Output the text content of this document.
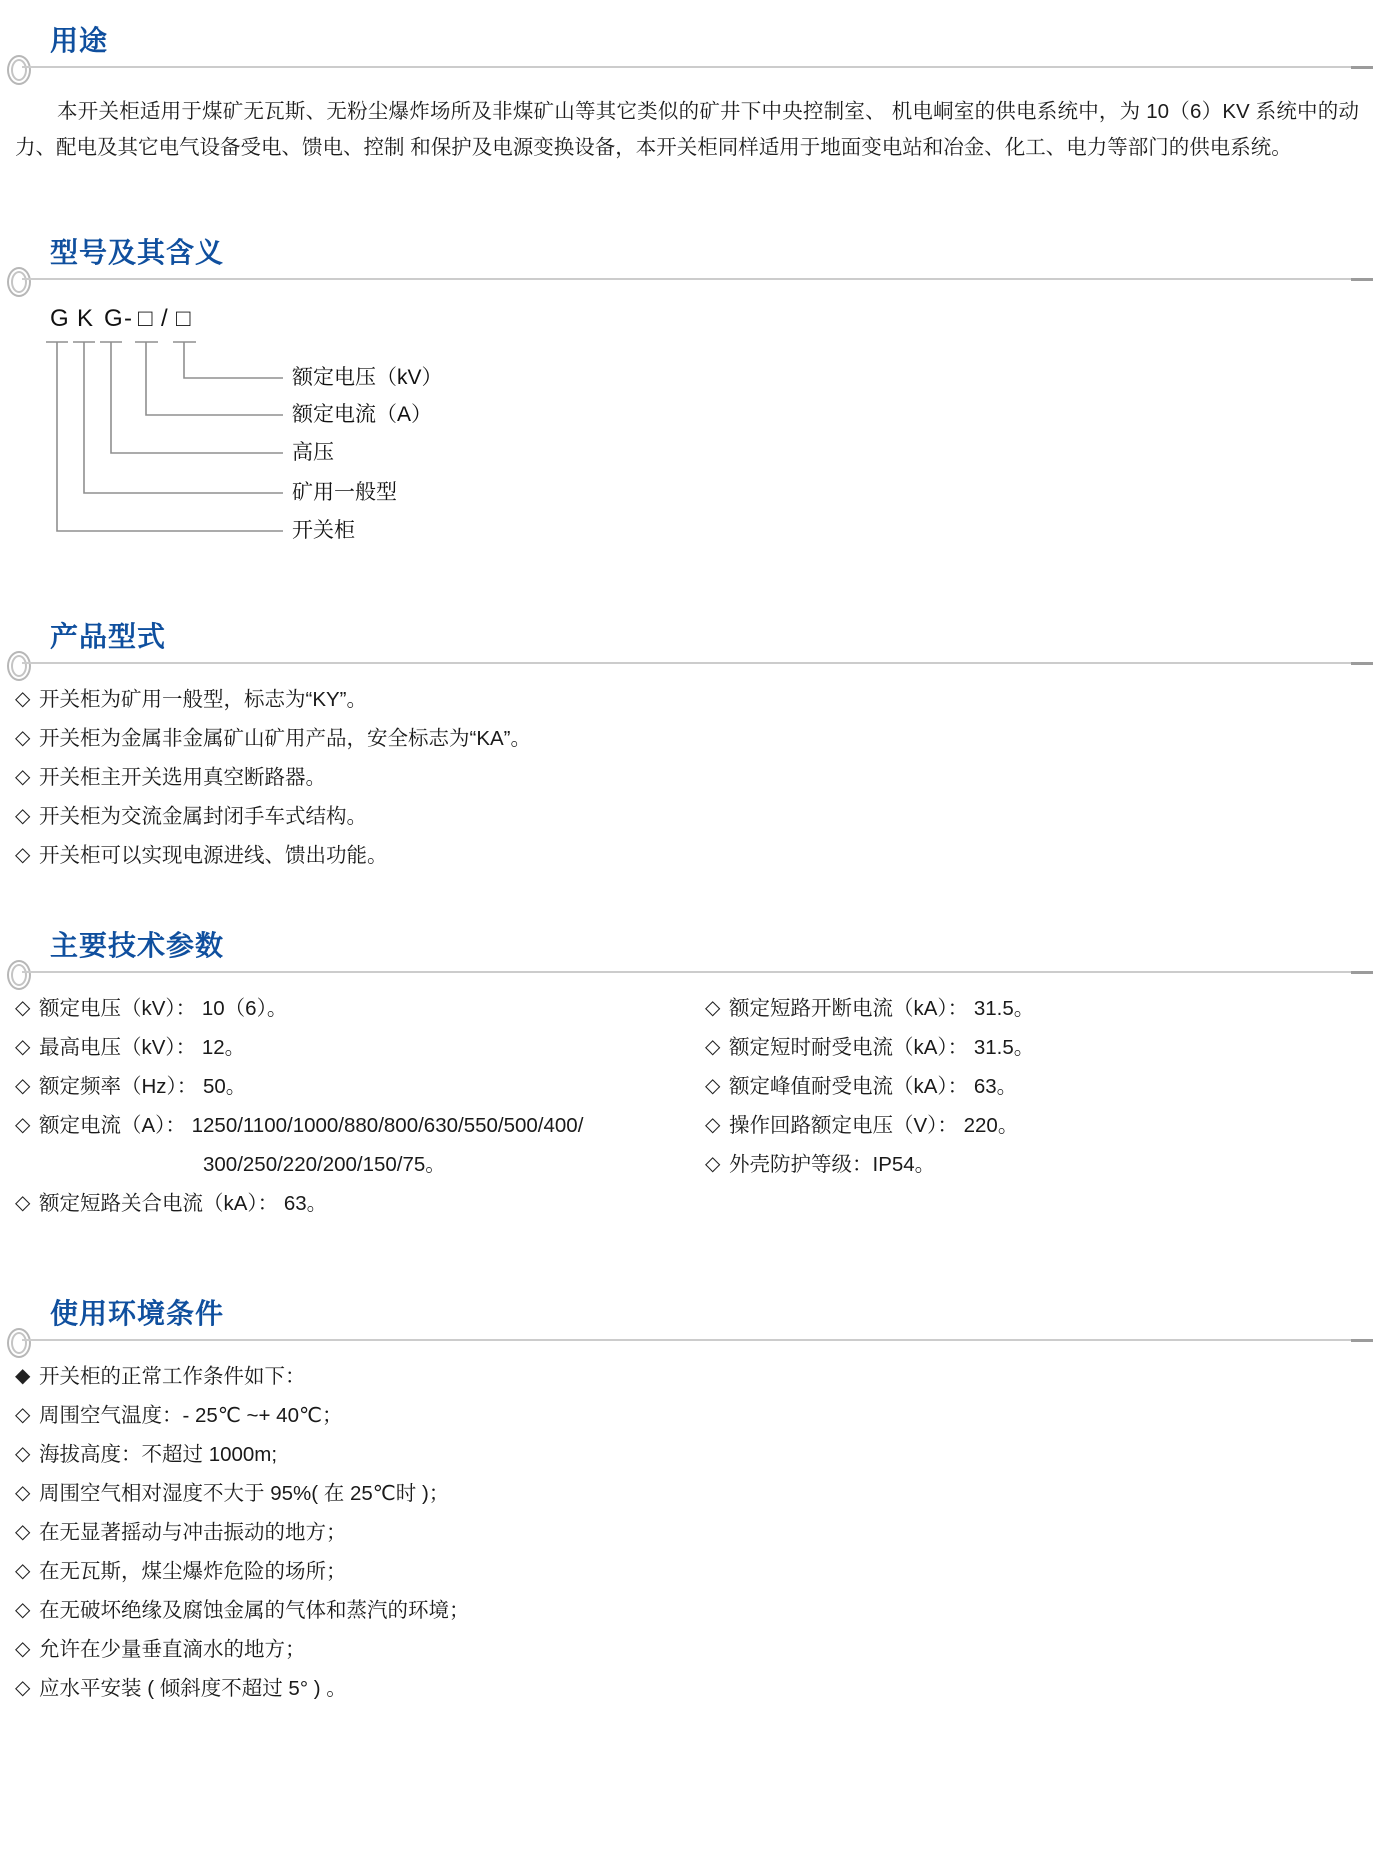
用途

本开关柜适用于煤矿无瓦斯、无粉尘爆炸场所及非煤矿山等其它类似的矿井下中央控制室、 机电峒室的供电系统中，为 10（6）KV 系统中的动力、配电及其它电气设备受电、馈电、控制 和保护及电源变换设备，本开关柜同样适用于地面变电站和冶金、化工、电力等部门的供电系统。

型号及其含义
G K G - □ / □
额定电压（kV）
额定电流（A）
高压
矿用一般型
开关柜
产品型式
◇ 开关柜为矿用一般型，标志为“KY”。
◇ 开关柜为金属非金属矿山矿用产品，安全标志为“KA”。
◇ 开关柜主开关选用真空断路器。
◇ 开关柜为交流金属封闭手车式结构。
◇ 开关柜可以实现电源进线、馈出功能。
主要技术参数
◇ 额定电压（kV）： 10（6）。
◇ 最高电压（kV）： 12。
◇ 额定频率（Hz）： 50。
◇ 额定电流（A）： 1250/1100/1000/880/800/630/550/500/400/
300/250/220/200/150/75。
◇ 额定短路关合电流（kA）： 63。
◇ 额定短路开断电流（kA）： 31.5。
◇ 额定短时耐受电流（kA）： 31.5。
◇ 额定峰值耐受电流（kA）： 63。
◇ 操作回路额定电压（V）： 220。
◇ 外壳防护等级：IP54。
使用环境条件
◆ 开关柜的正常工作条件如下：
◇ 周围空气温度：- 25℃ ~+ 40℃；
◇ 海拔高度：不超过 1000m;
◇ 周围空气相对湿度不大于 95%( 在 25℃时 )；
◇ 在无显著摇动与冲击振动的地方；
◇ 在无瓦斯，煤尘爆炸危险的场所；
◇ 在无破坏绝缘及腐蚀金属的气体和蒸汽的环境；
◇ 允许在少量垂直滴水的地方；
◇ 应水平安装 ( 倾斜度不超过 5° ) 。
